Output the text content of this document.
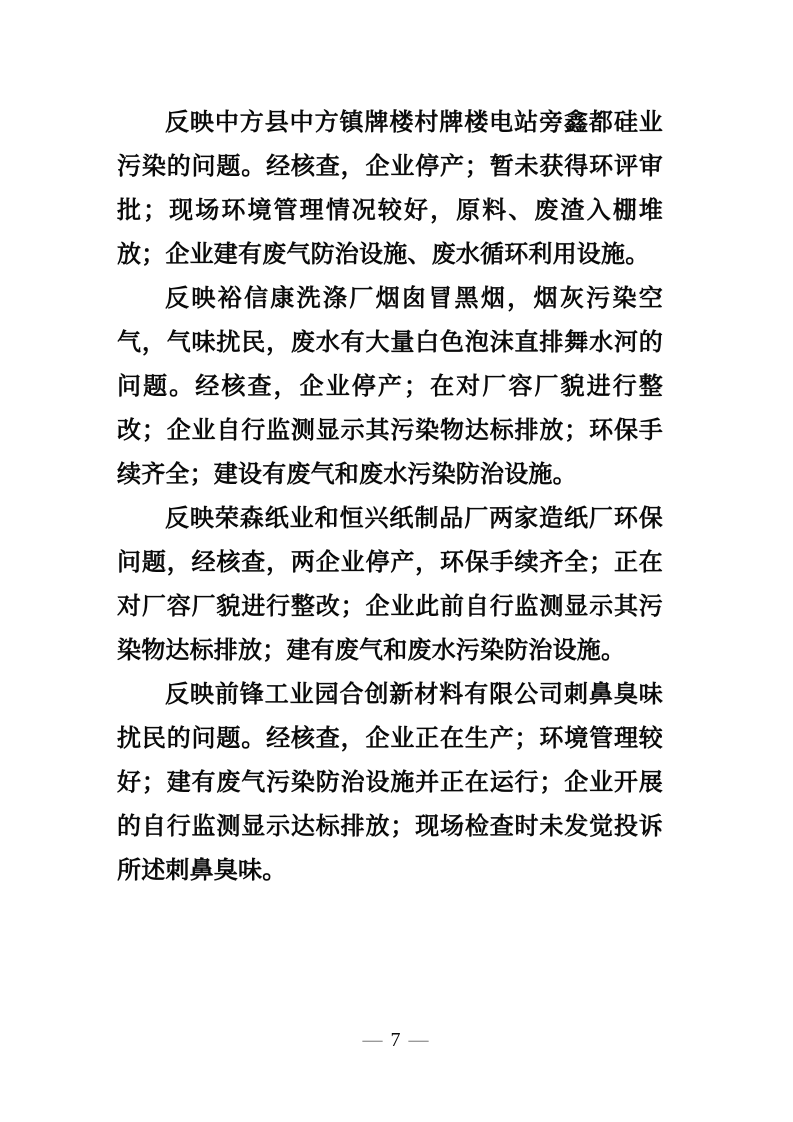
反映中方县中方镇牌楼村牌楼电站旁鑫都硅业污染的问题。经核查，企业停产；暂未获得环评审批；现场环境管理情况较好，原料、废渣入棚堆放；企业建有废气防治设施、废水循环利用设施。

反映裕信康洗涤厂烟囱冒黑烟，烟灰污染空气，气味扰民，废水有大量白色泡沫直排舞水河的问题。经核查，企业停产；在对厂容厂貌进行整改；企业自行监测显示其污染物达标排放；环保手续齐全；建设有废气和废水污染防治设施。

反映荣森纸业和恒兴纸制品厂两家造纸厂环保问题，经核查，两企业停产，环保手续齐全；正在对厂容厂貌进行整改；企业此前自行监测显示其污染物达标排放；建有废气和废水污染防治设施。

反映前锋工业园合创新材料有限公司刺鼻臭味扰民的问题。经核查，企业正在生产；环境管理较好；建有废气污染防治设施并正在运行；企业开展的自行监测显示达标排放；现场检查时未发觉投诉所述刺鼻臭味。

— 7 —
